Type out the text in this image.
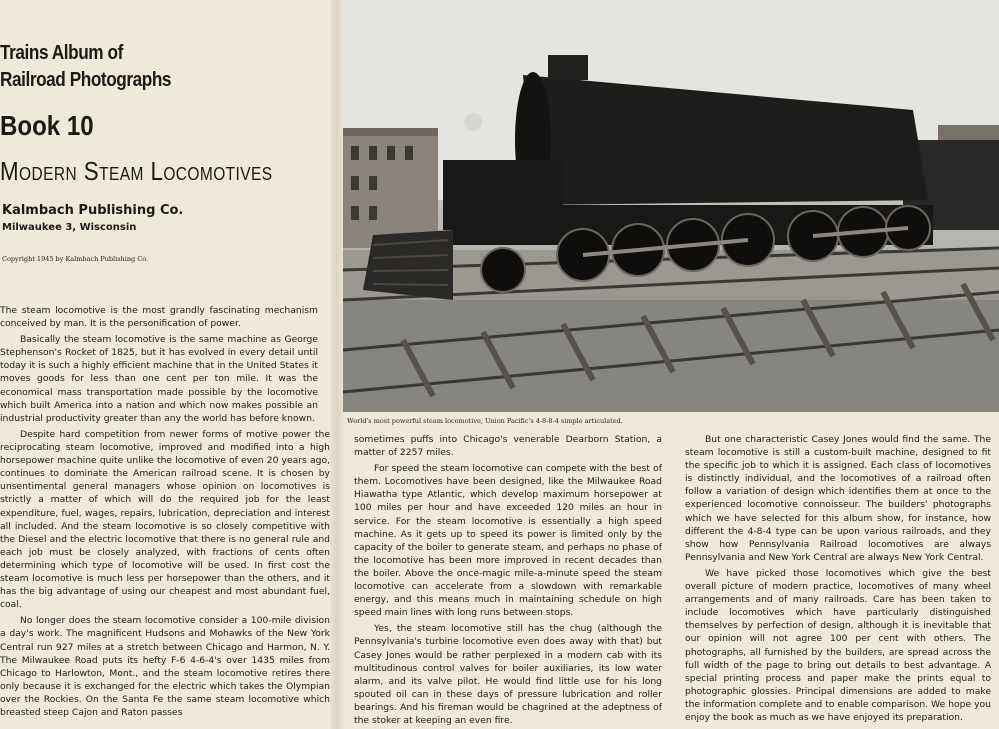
Trains Album of
Railroad Photographs
Book 10
Modern Steam Locomotives
Kalmbach Publishing Co.
Milwaukee 3, Wisconsin
Copyright 1945 by Kalmbach Publishing Co.
World's most powerful steam locomotive, Union Pacific's 4-8-8-4 simple articulated.

The steam locomotive is the most grandly fascinating mechanism conceived by man. It is the personification of power.

Basically the steam locomotive is the same machine as George Stephenson's Rocket of 1825, but it has evolved in every detail until today it is such a highly efficient machine that in the United States it moves goods for less than one cent per ton mile. It was the economical mass transportation made possible by the locomotive which built America into a nation and which now makes possible an industrial productivity greater than any the world has before known.

Despite hard competition from newer forms of motive power the reciprocating steam locomotive, improved and modified into a high horsepower machine quite unlike the locomotive of even 20 years ago, continues to dominate the American railroad scene. It is chosen by unsentimental general managers whose opinion on locomotives is strictly a matter of which will do the required job for the least expenditure, fuel, wages, repairs, lubrication, depreciation and interest all included. And the steam locomotive is so closely competitive with the Diesel and the electric locomotive that there is no general rule and each job must be closely analyzed, with fractions of cents often determining which type of locomotive will be used. In first cost the steam locomotive is much less per horsepower than the others, and it has the big advantage of using our cheapest and most abundant fuel, coal.

No longer does the steam locomotive consider a 100-mile division a day's work. The magnificent Hudsons and Mohawks of the New York Central run 927 miles at a stretch between Chicago and Harmon, N. Y. The Milwaukee Road puts its hefty F-6 4-6-4's over 1435 miles from Chicago to Harlowton, Mont., and the steam locomotive retires there only because it is exchanged for the electric which takes the Olympian over the Rockies. On the Santa Fe the same steam locomotive which breasted steep Cajon and Raton passes

sometimes puffs into Chicago's venerable Dearborn Station, a matter of 2257 miles.

For speed the steam locomotive can compete with the best of them. Locomotives have been designed, like the Milwaukee Road Hiawatha type Atlantic, which develop maximum horsepower at 100 miles per hour and have exceeded 120 miles an hour in service. For the steam locomotive is essentially a high speed machine. As it gets up to speed its power is limited only by the capacity of the boiler to generate steam, and perhaps no phase of the locomotive has been more improved in recent decades than the boiler. Above the once-magic mile-a-minute speed the steam locomotive can accelerate from a slowdown with remarkable energy, and this means much in maintaining schedule on high speed main lines with long runs between stops.

Yes, the steam locomotive still has the chug (although the Pennsylvania's turbine locomotive even does away with that) but Casey Jones would be rather perplexed in a modern cab with its multitudinous control valves for boiler auxiliaries, its low water alarm, and its valve pilot. He would find little use for his long spouted oil can in these days of pressure lubrication and roller bearings. And his fireman would be chagrined at the adeptness of the stoker at keeping an even fire.

But one characteristic Casey Jones would find the same. The steam locomotive is still a custom-built machine, designed to fit the specific job to which it is assigned. Each class of locomotives is distinctly individual, and the locomotives of a railroad often follow a variation of design which identifies them at once to the experienced locomotive connoisseur. The builders' photographs which we have selected for this album show, for instance, how different the 4-8-4 type can be upon various railroads, and they show how Pennsylvania Railroad locomotives are always Pennsylvania and New York Central are always New York Central.

We have picked those locomotives which give the best overall picture of modern practice, locomotives of many wheel arrangements and of many railroads. Care has been taken to include locomotives which have particularly distinguished themselves by perfection of design, although it is inevitable that our opinion will not agree 100 per cent with others. The photographs, all furnished by the builders, are spread across the full width of the page to bring out details to best advantage. A special printing process and paper make the prints equal to photographic glossies. Principal dimensions are added to make the information complete and to enable comparison. We hope you enjoy the book as much as we have enjoyed its preparation.
